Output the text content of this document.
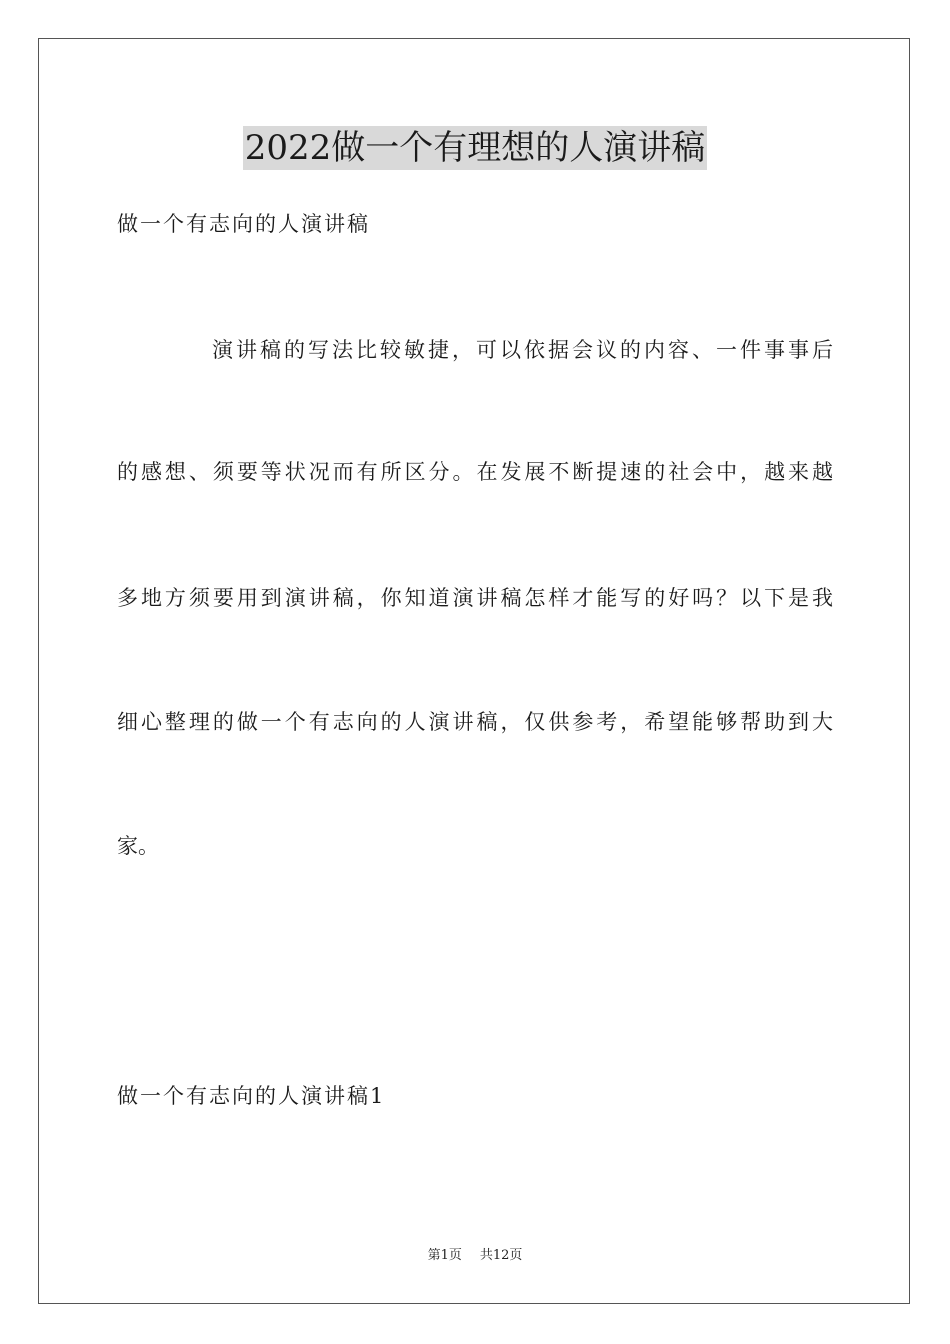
2022做一个有理想的人演讲稿
做一个有志向的人演讲稿
演讲稿的写法比较敏捷，可以依据会议的内容、一件事事后
的感想、须要等状况而有所区分。在发展不断提速的社会中，越来越
多地方须要用到演讲稿，你知道演讲稿怎样才能写的好吗？以下是我
细心整理的做一个有志向的人演讲稿，仅供参考，希望能够帮助到大
家。
做一个有志向的人演讲稿1
第1页 共12页
